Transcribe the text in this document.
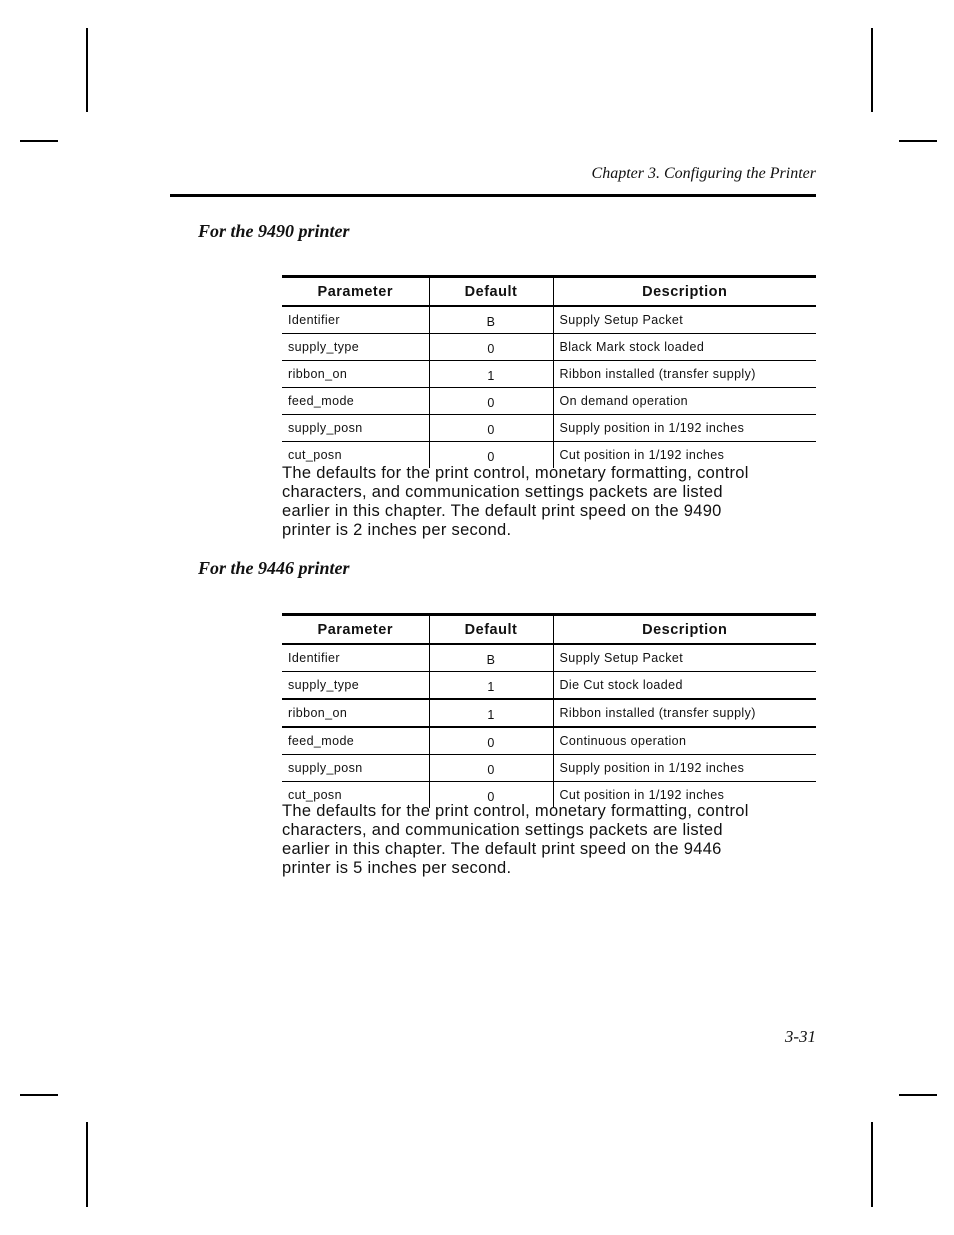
Chapter 3. Configuring the Printer
For the 9490 printer
Parameter	Default	Description
Identifier	B	Supply Setup Packet
supply_type	0	Black Mark stock loaded
ribbon_on	1	Ribbon installed (transfer supply)
feed_mode	0	On demand operation
supply_posn	0	Supply position in 1/192 inches
cut_posn	0	Cut position in 1/192 inches

The defaults for the print control, monetary formatting, control
characters, and communication settings packets are listed
earlier in this chapter. The default print speed on the 9490
printer is 2 inches per second.

For the 9446 printer
Parameter	Default	Description
Identifier	B	Supply Setup Packet
supply_type	1	Die Cut stock loaded
ribbon_on	1	Ribbon installed (transfer supply)
feed_mode	0	Continuous operation
supply_posn	0	Supply position in 1/192 inches
cut_posn	0	Cut position in 1/192 inches

The defaults for the print control, monetary formatting, control
characters, and communication settings packets are listed
earlier in this chapter. The default print speed on the 9446
printer is 5 inches per second.

3-31
